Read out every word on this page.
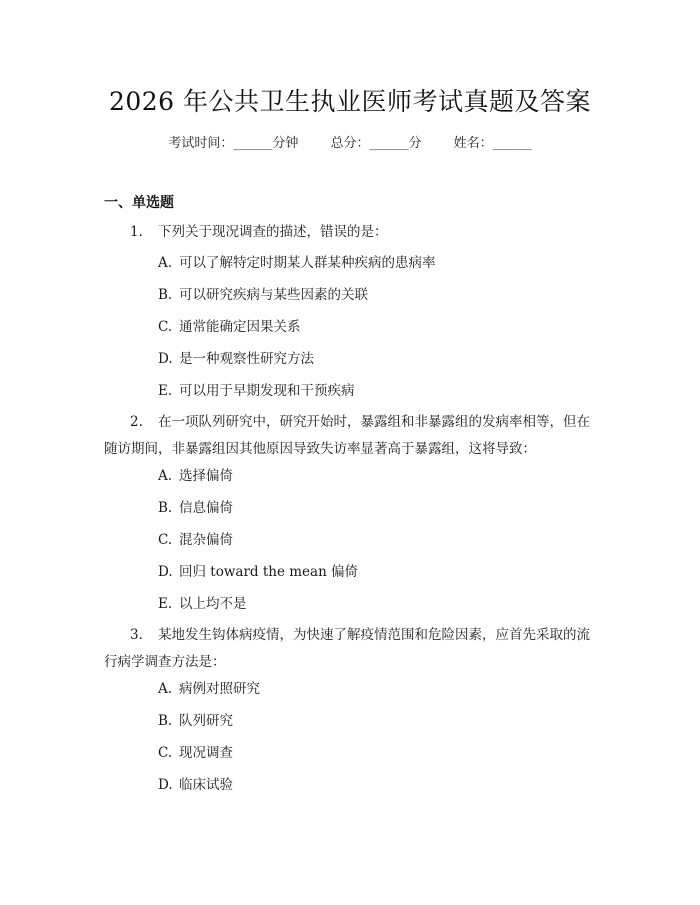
2026 年公共卫生执业医师考试真题及答案
考试时间：______分钟 总分：______分 姓名：______
一、单选题
1. 下列关于现况调查的描述，错误的是：
A. 可以了解特定时期某人群某种疾病的患病率
B. 可以研究疾病与某些因素的关联
C. 通常能确定因果关系
D. 是一种观察性研究方法
E. 可以用于早期发现和干预疾病
2. 在一项队列研究中，研究开始时，暴露组和非暴露组的发病率相等，但在随访期间，非暴露组因其他原因导致失访率显著高于暴露组，这将导致：
A. 选择偏倚
B. 信息偏倚
C. 混杂偏倚
D. 回归 toward the mean 偏倚
E. 以上均不是
3. 某地发生钩体病疫情，为快速了解疫情范围和危险因素，应首先采取的流行病学调查方法是：
A. 病例对照研究
B. 队列研究
C. 现况调查
D. 临床试验
